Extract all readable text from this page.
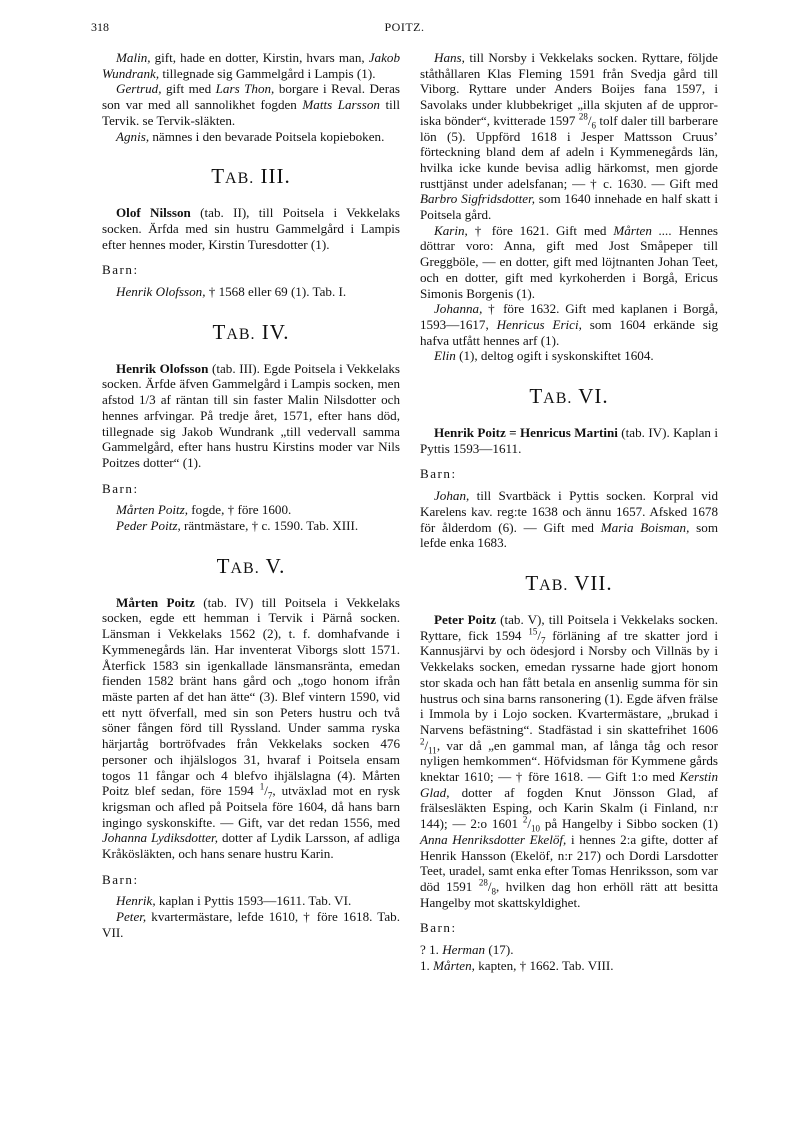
318	POITZ.

Malin, gift, hade en dotter, Kirstin, hvars man, Jakob Wundrank, tillegnade sig Gammelgård i Lampis (1).

Gertrud, gift med Lars Thon, borgare i Reval. Deras son var med all sannolikhet fogden Matts Larsson till Tervik. se Tervik-släkten.

Agnis, nämnes i den bevarade Poitsela kopieboken.

TAB. III.

Olof Nilsson (tab. II), till Poitsela i Vekkelaks socken. Ärfda med sin hustru Gammelgård i Lampis efter hennes moder, Kirstin Turesdotter (1).

Barn:

Henrik Olofsson, † 1568 eller 69 (1). Tab. I.

TAB. IV.

Henrik Olofsson (tab. III). Egde Poitsela i Vekkelaks socken. Ärfde äfven Gammelgård i Lampis socken, men afstod 1/3 af räntan till sin faster Malin Nilsdotter och hennes arfvingar. På tredje året, 1571, efter hans död, tillegnade sig Jakob Wundrank „till vedervall samma Gammelgård, efter hans hustru Kirstins moder var Nils Poitzes dotter“ (1).

Barn:

Mårten Poitz, fogde, † före 1600.

Peder Poitz, räntmästare, † c. 1590. Tab. XIII.

TAB. V.

Mårten Poitz (tab. IV) till Poitsela i Vekkelaks socken, egde ett hemman i Tervik i Pärnå socken. Länsman i Vekkelaks 1562 (2), t. f. domhafvande i Kymmenegårds län. Har inventerat Viborgs slott 1571. Återfick 1583 sin igenkallade länsmansränta, emedan fienden 1582 bränt hans gård och „togo honom ifrån mäste parten af det han ätte“ (3). Blef vintern 1590, vid ett nytt öfverfall, med sin son Peters hustru och två söner fången förd till Ryssland. Under samma ryska härjartåg bortröfvades från Vekkelaks socken 476 personer och ihjälslogos 31, hvaraf i Poitsela ensam togos 11 fångar och 4 blefvo ihjälslagna (4). Mårten Poitz blef sedan, före 1594 $^1/_7$, utväxlad mot en rysk krigsman och afled på Poitsela före 1604, då hans barn ingingo syskonskifte. — Gift, var det redan 1556, med Johanna Lydiksdotter, dotter af Lydik Larsson, af adliga Kråkösläkten, och hans senare hustru Karin.

Barn:

Henrik, kaplan i Pyttis 1593—1611. Tab. VI.

Peter, kvartermästare, lefde 1610, † före 1618. Tab. VII.

Hans, till Norsby i Vekkelaks socken. Ryttare, följde ståthållaren Klas Fleming 1591 från Svedja gård till Viborg. Ryttare under Anders Boijes fana 1597, i Savolaks under klubbekriget „illa skjuten af de upproriska bönder“, kvitterade 1597 $^{28}/_6$ tolf daler till barberare lön (5). Uppförd 1618 i Jesper Mattsson Cruus’ förteckning bland dem af adeln i Kymmenegårds län, hvilka icke kunde bevisa adlig härkomst, men gjorde rusttjänst under adelsfanan; — † c. 1630. — Gift med Barbro Sigfridsdotter, som 1640 innehade en half skatt i Poitsela gård.

Karin, † före 1621. Gift med Mårten .... Hennes döttrar voro: Anna, gift med Jost Småpeper till Greggböle, — en dotter, gift med löjtnanten Johan Teet, och en dotter, gift med kyrkoherden i Borgå, Ericus Simonis Borgenis (1).

Johanna, † före 1632. Gift med kaplanen i Borgå, 1593—1617, Henricus Erici, som 1604 erkände sig hafva utfått hennes arf (1).

Elin (1), deltog ogift i syskonskiftet 1604.

TAB. VI.

Henrik Poitz = Henricus Martini (tab. IV). Kaplan i Pyttis 1593—1611.

Barn:

Johan, till Svartbäck i Pyttis socken. Korpral vid Karelens kav. reg:te 1638 och ännu 1657. Afsked 1678 för ålderdom (6). — Gift med Maria Boisman, som lefde enka 1683.

TAB. VII.

Peter Poitz (tab. V), till Poitsela i Vekkelaks socken. Ryttare, fick 1594 $^{15}/_7$ förläning af tre skatter jord i Kannusjärvi by och ödesjord i Norsby och Villnäs by i Vekkelaks socken, emedan ryssarne hade gjort honom stor skada och han fått betala en ansenlig summa för sin hustrus och sina barns ransonering (1). Egde äfven frälse i Immola by i Lojo socken. Kvartermästare, „brukad i Narvens befästning“. Stadfästad i sin skattefrihet 1606 $^2/_{11}$, var då „en gammal man, af långa tåg och resor nyligen hemkommen“. Höfvidsman för Kymmene gårds knektar 1610; — † före 1618. — Gift 1:o med Kerstin Glad, dotter af fogden Knut Jönsson Glad, af frälsesläkten Esping, och Karin Skalm (i Finland, n:r 144); — 2:o 1601 $^2/_{10}$ på Hangelby i Sibbo socken (1) Anna Henriksdotter Ekelöf, i hennes 2:a gifte, dotter af Henrik Hansson (Ekelöf, n:r 217) och Dordi Larsdotter Teet, uradel, samt enka efter Tomas Henriksson, som var död 1591 $^{28}/_8$, hvilken dag hon erhöll rätt att besitta Hangelby mot skattskyldighet.

Barn:

? 1. Herman (17).

1. Mårten, kapten, † 1662. Tab. VIII.
